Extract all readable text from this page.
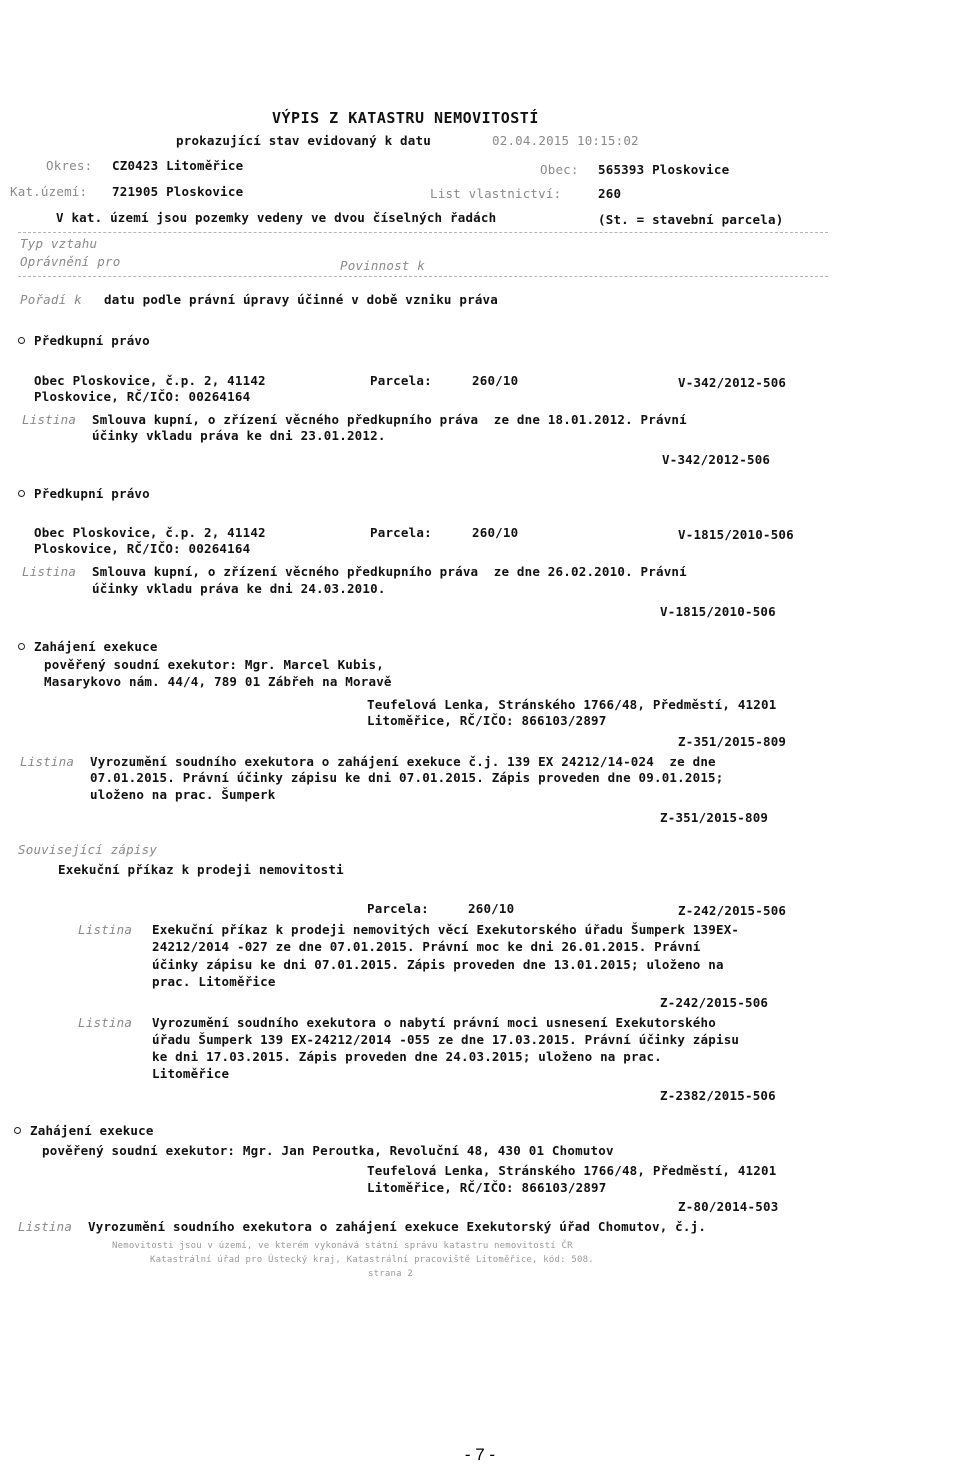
VÝPIS Z KATASTRU NEMOVITOSTÍ
prokazující stav evidovaný k datu	02.04.2015 10:15:02
Okres: CZ0423 Litoměřice	Obec: 565393 Ploskovice
Kat.území: 721905 Ploskovice	List vlastnictví:	260
V kat. území jsou pozemky vedeny ve dvou číselných řadách	(St. = stavební parcela)
Typ vztahu
Oprávnění pro	Povinnost k
Pořadí k datu podle právní úpravy účinné v době vzniku práva
Předkupní právo
Obec Ploskovice, č.p. 2, 41142	Parcela:	260/10	V-342/2012-506
Ploskovice, RČ/IČO: 00264164
Listina Smlouva kupní, o zřízení věcného předkupního práva  ze dne 18.01.2012. Právní
účinky vkladu práva ke dni 23.01.2012.
V-342/2012-506
Předkupní právo
Obec Ploskovice, č.p. 2, 41142	Parcela:	260/10	V-1815/2010-506
Ploskovice, RČ/IČO: 00264164
Listina Smlouva kupní, o zřízení věcného předkupního práva  ze dne 26.02.2010. Právní
účinky vkladu práva ke dni 24.03.2010.
V-1815/2010-506
Zahájení exekuce
pověřený soudní exekutor: Mgr. Marcel Kubis,
Masarykovo nám. 44/4, 789 01 Zábřeh na Moravě
Teufelová Lenka, Stránského 1766/48, Předměstí, 41201
Litoměřice, RČ/IČO: 866103/2897
Z-351/2015-809
Listina Vyrozumění soudního exekutora o zahájení exekuce č.j. 139 EX 24212/14-024  ze dne
07.01.2015. Právní účinky zápisu ke dni 07.01.2015. Zápis proveden dne 09.01.2015;
uloženo na prac. Šumperk
Z-351/2015-809
Související zápisy
Exekuční příkaz k prodeji nemovitosti
Parcela:	260/10	Z-242/2015-506
Listina Exekuční příkaz k prodeji nemovitých věcí Exekutorského úřadu Šumperk 139EX-
24212/2014 -027 ze dne 07.01.2015. Právní moc ke dni 26.01.2015. Právní
účinky zápisu ke dni 07.01.2015. Zápis proveden dne 13.01.2015; uloženo na
prac. Litoměřice
Z-242/2015-506
Listina Vyrozumění soudního exekutora o nabytí právní moci usnesení Exekutorského
úřadu Šumperk 139 EX-24212/2014 -055 ze dne 17.03.2015. Právní účinky zápisu
ke dni 17.03.2015. Zápis proveden dne 24.03.2015; uloženo na prac.
Litoměřice
Z-2382/2015-506
Zahájení exekuce
pověřený soudní exekutor: Mgr. Jan Peroutka, Revoluční 48, 430 01 Chomutov
Teufelová Lenka, Stránského 1766/48, Předměstí, 41201
Litoměřice, RČ/IČO: 866103/2897
Z-80/2014-503
Listina Vyrozumění soudního exekutora o zahájení exekuce Exekutorský úřad Chomutov, č.j.
Nemovitosti jsou v území, ve kterém vykonává státní správu katastru nemovitostí ČR
Katastrální úřad pro Ústecký kraj, Katastrální pracoviště Litoměřice, kód: 508.
strana 2
- 7 -
